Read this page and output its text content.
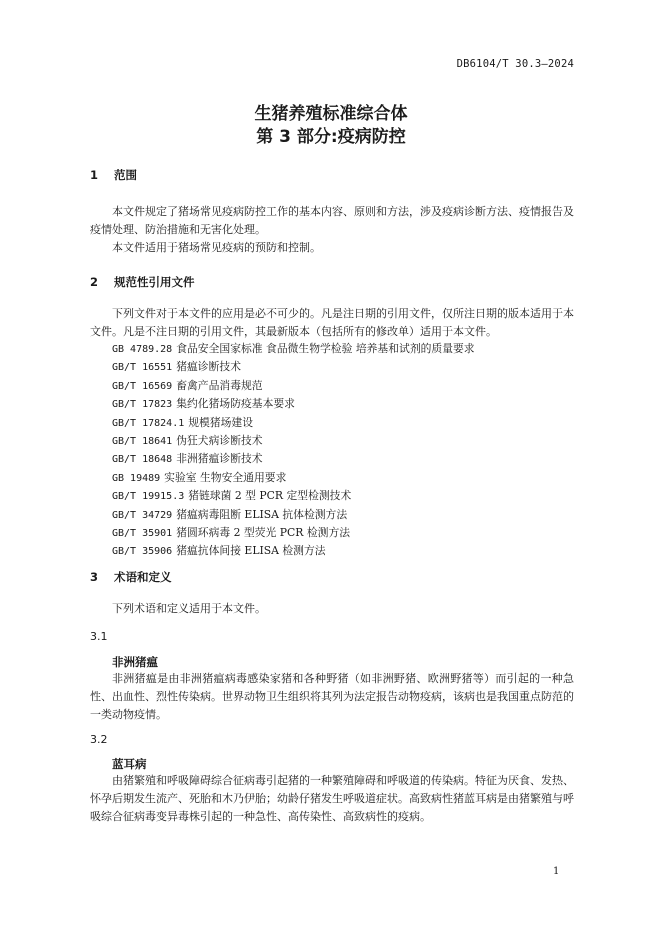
DB6104/T 30.3—2024
生猪养殖标准综合体
第 3 部分:疫病防控
1 范围

本文件规定了猪场常见疫病防控工作的基本内容、原则和方法，涉及疫病诊断方法、疫情报告及疫情处理、防治措施和无害化处理。

本文件适用于猪场常见疫病的预防和控制。

2 规范性引用文件

下列文件对于本文件的应用是必不可少的。凡是注日期的引用文件，仅所注日期的版本适用于本文件。凡是不注日期的引用文件，其最新版本（包括所有的修改单）适用于本文件。

GB 4789.28 食品安全国家标准 食品微生物学检验 培养基和试剂的质量要求
GB/T 16551 猪瘟诊断技术
GB/T 16569 畜禽产品消毒规范
GB/T 17823 集约化猪场防疫基本要求
GB/T 17824.1 规模猪场建设
GB/T 18641 伪狂犬病诊断技术
GB/T 18648 非洲猪瘟诊断技术
GB 19489 实验室 生物安全通用要求
GB/T 19915.3 猪链球菌 2 型 PCR 定型检测技术
GB/T 34729 猪瘟病毒阻断 ELISA 抗体检测方法
GB/T 35901 猪圆环病毒 2 型荧光 PCR 检测方法
GB/T 35906 猪瘟抗体间接 ELISA 检测方法
3 术语和定义

下列术语和定义适用于本文件。

3.1
非洲猪瘟

非洲猪瘟是由非洲猪瘟病毒感染家猪和各种野猪（如非洲野猪、欧洲野猪等）而引起的一种急性、出血性、烈性传染病。世界动物卫生组织将其列为法定报告动物疫病，该病也是我国重点防范的一类动物疫情。

3.2
蓝耳病

由猪繁殖和呼吸障碍综合征病毒引起猪的一种繁殖障碍和呼吸道的传染病。特征为厌食、发热、怀孕后期发生流产、死胎和木乃伊胎；幼龄仔猪发生呼吸道症状。高致病性猪蓝耳病是由猪繁殖与呼吸综合征病毒变异毒株引起的一种急性、高传染性、高致病性的疫病。

1
